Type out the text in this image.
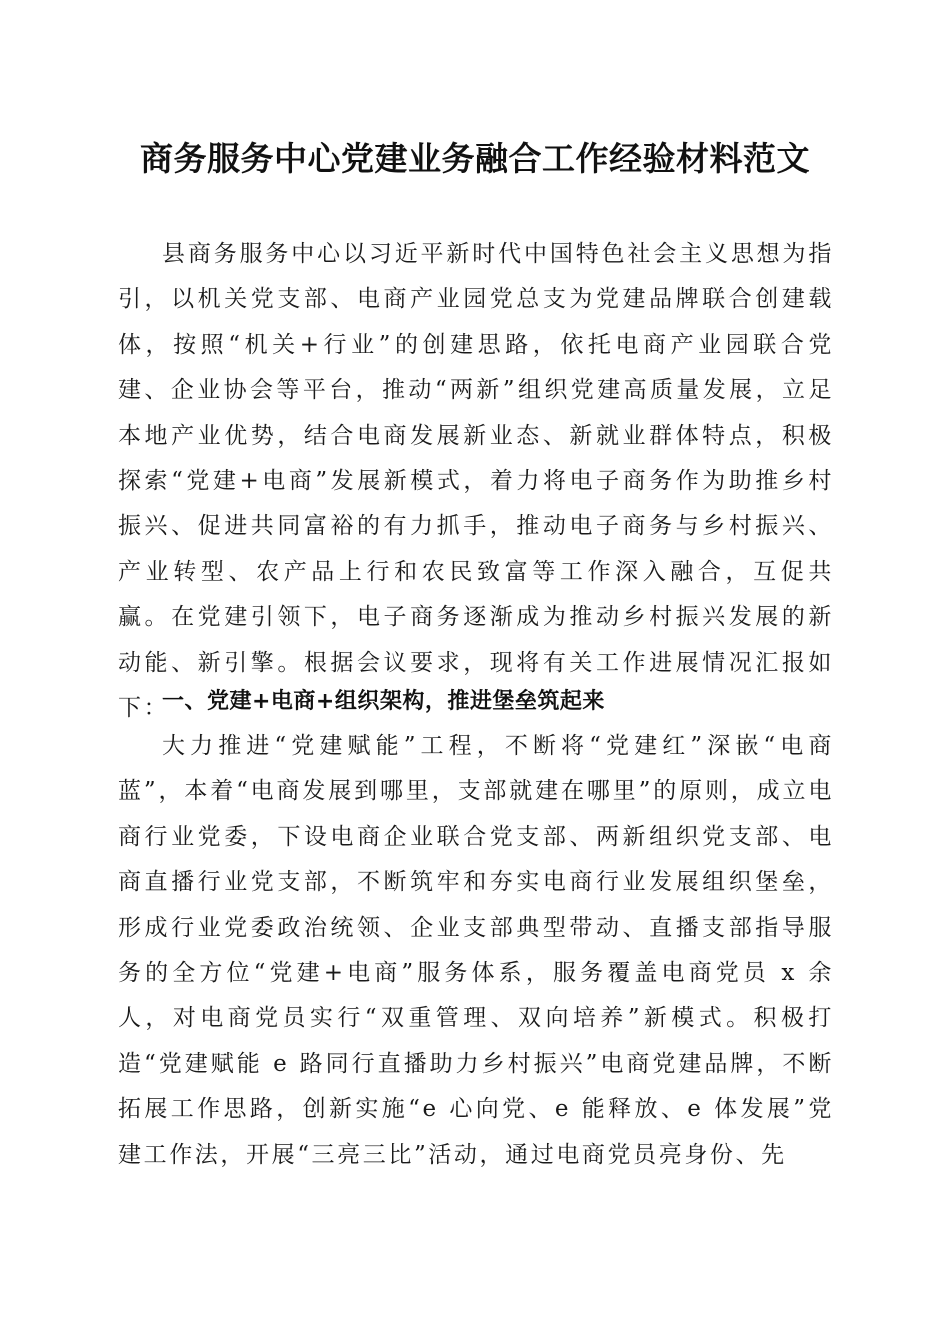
商务服务中心党建业务融合工作经验材料范文

县商务服务中心以习近平新时代中国特色社会主义思想为指引，以机关党支部、电商产业园党总支为党建品牌联合创建载体，按照“机关+行业”的创建思路，依托电商产业园联合党建、企业协会等平台，推动“两新”组织党建高质量发展，立足本地产业优势，结合电商发展新业态、新就业群体特点，积极探索“党建+电商”发展新模式，着力将电子商务作为助推乡村振兴、促进共同富裕的有力抓手，推动电子商务与乡村振兴、产业转型、农产品上行和农民致富等工作深入融合，互促共赢。在党建引领下，电子商务逐渐成为推动乡村振兴发展的新动能、新引擎。根据会议要求，现将有关工作进展情况汇报如下：

一、党建+电商+组织架构，推进堡垒筑起来

大力推进“党建赋能”工程，不断将“党建红”深嵌“电商蓝”，本着“电商发展到哪里，支部就建在哪里”的原则，成立电商行业党委，下设电商企业联合党支部、两新组织党支部、电商直播行业党支部，不断筑牢和夯实电商行业发展组织堡垒，形成行业党委政治统领、企业支部典型带动、直播支部指导服务的全方位“党建+电商”服务体系，服务覆盖电商党员 x 余人，对电商党员实行“双重管理、双向培养”新模式。积极打造“党建赋能 e 路同行直播助力乡村振兴”电商党建品牌，不断拓展工作思路，创新实施“e 心向党、e 能释放、e 体发展”党建工作法，开展“三亮三比”活动，通过电商党员亮身份、先
